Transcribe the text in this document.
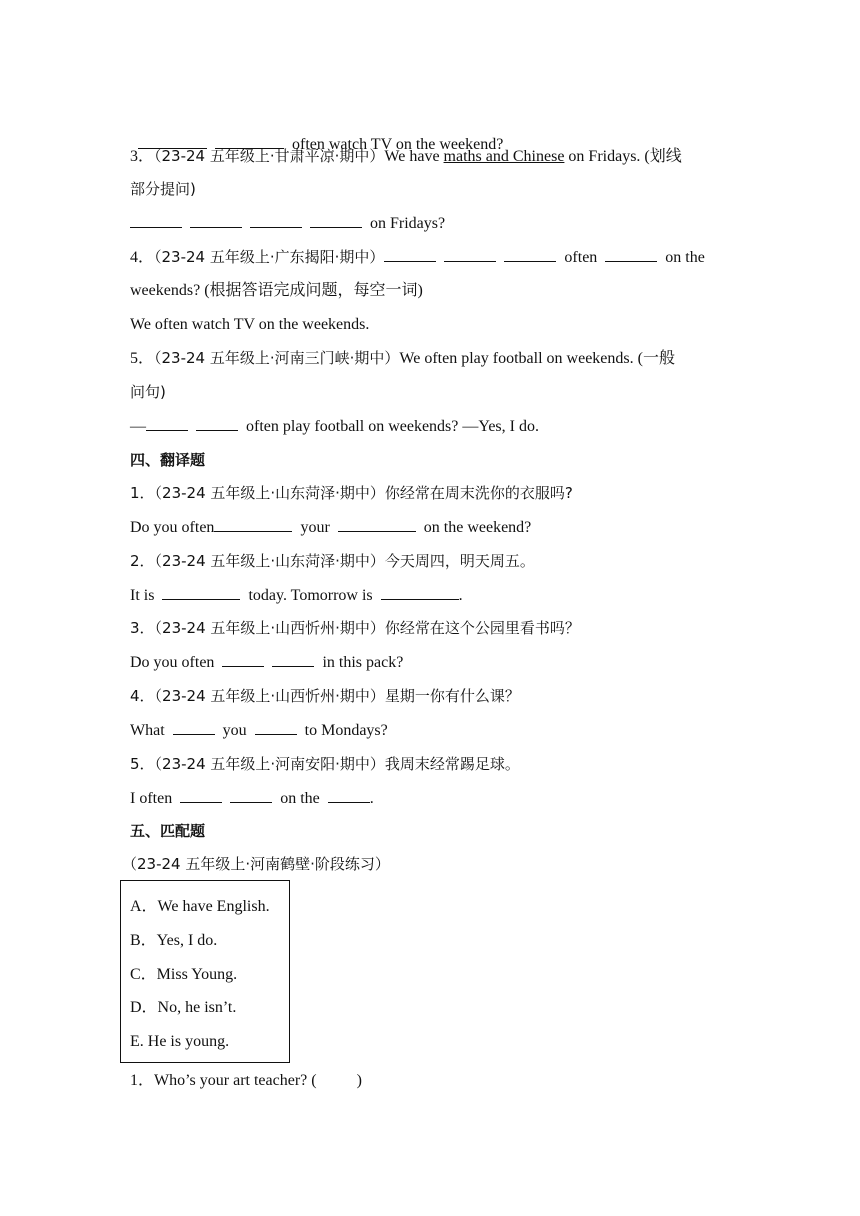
often watch TV on the weekend?

3．（23-24 五年级上·甘肃平凉·期中）We have maths and Chinese on Fridays. (划线
部分提问)
on Fridays?
4．（23-24 五年级上·广东揭阳·期中）	often	on the
weekends? (根据答语完成问题，每空一词)
We often watch TV on the weekends.
5．（23-24 五年级上·河南三门峡·期中）We often play football on weekends. (一般
问句)
—	often play football on weekends? —Yes, I do.
四、翻译题
1．（23-24 五年级上·山东菏泽·期中）你经常在周末洗你的衣服吗?
Do you often	your	on the weekend?
2．（23-24 五年级上·山东菏泽·期中）今天周四，明天周五。
It is	today. Tomorrow is	.
3．（23-24 五年级上·山西忻州·期中）你经常在这个公园里看书吗？
Do you often	in this pack?
4．（23-24 五年级上·山西忻州·期中）星期一你有什么课？
What	you	to Mondays?
5．（23-24 五年级上·河南安阳·期中）我周末经常踢足球。
I often	on the	.
五、匹配题
（23-24 五年级上·河南鹤壁·阶段练习）
A．We have English.
B．Yes, I do.
C．Miss Young.
D．No, he isn’t.
E. He is young.
1．Who’s your art teacher? (          )
